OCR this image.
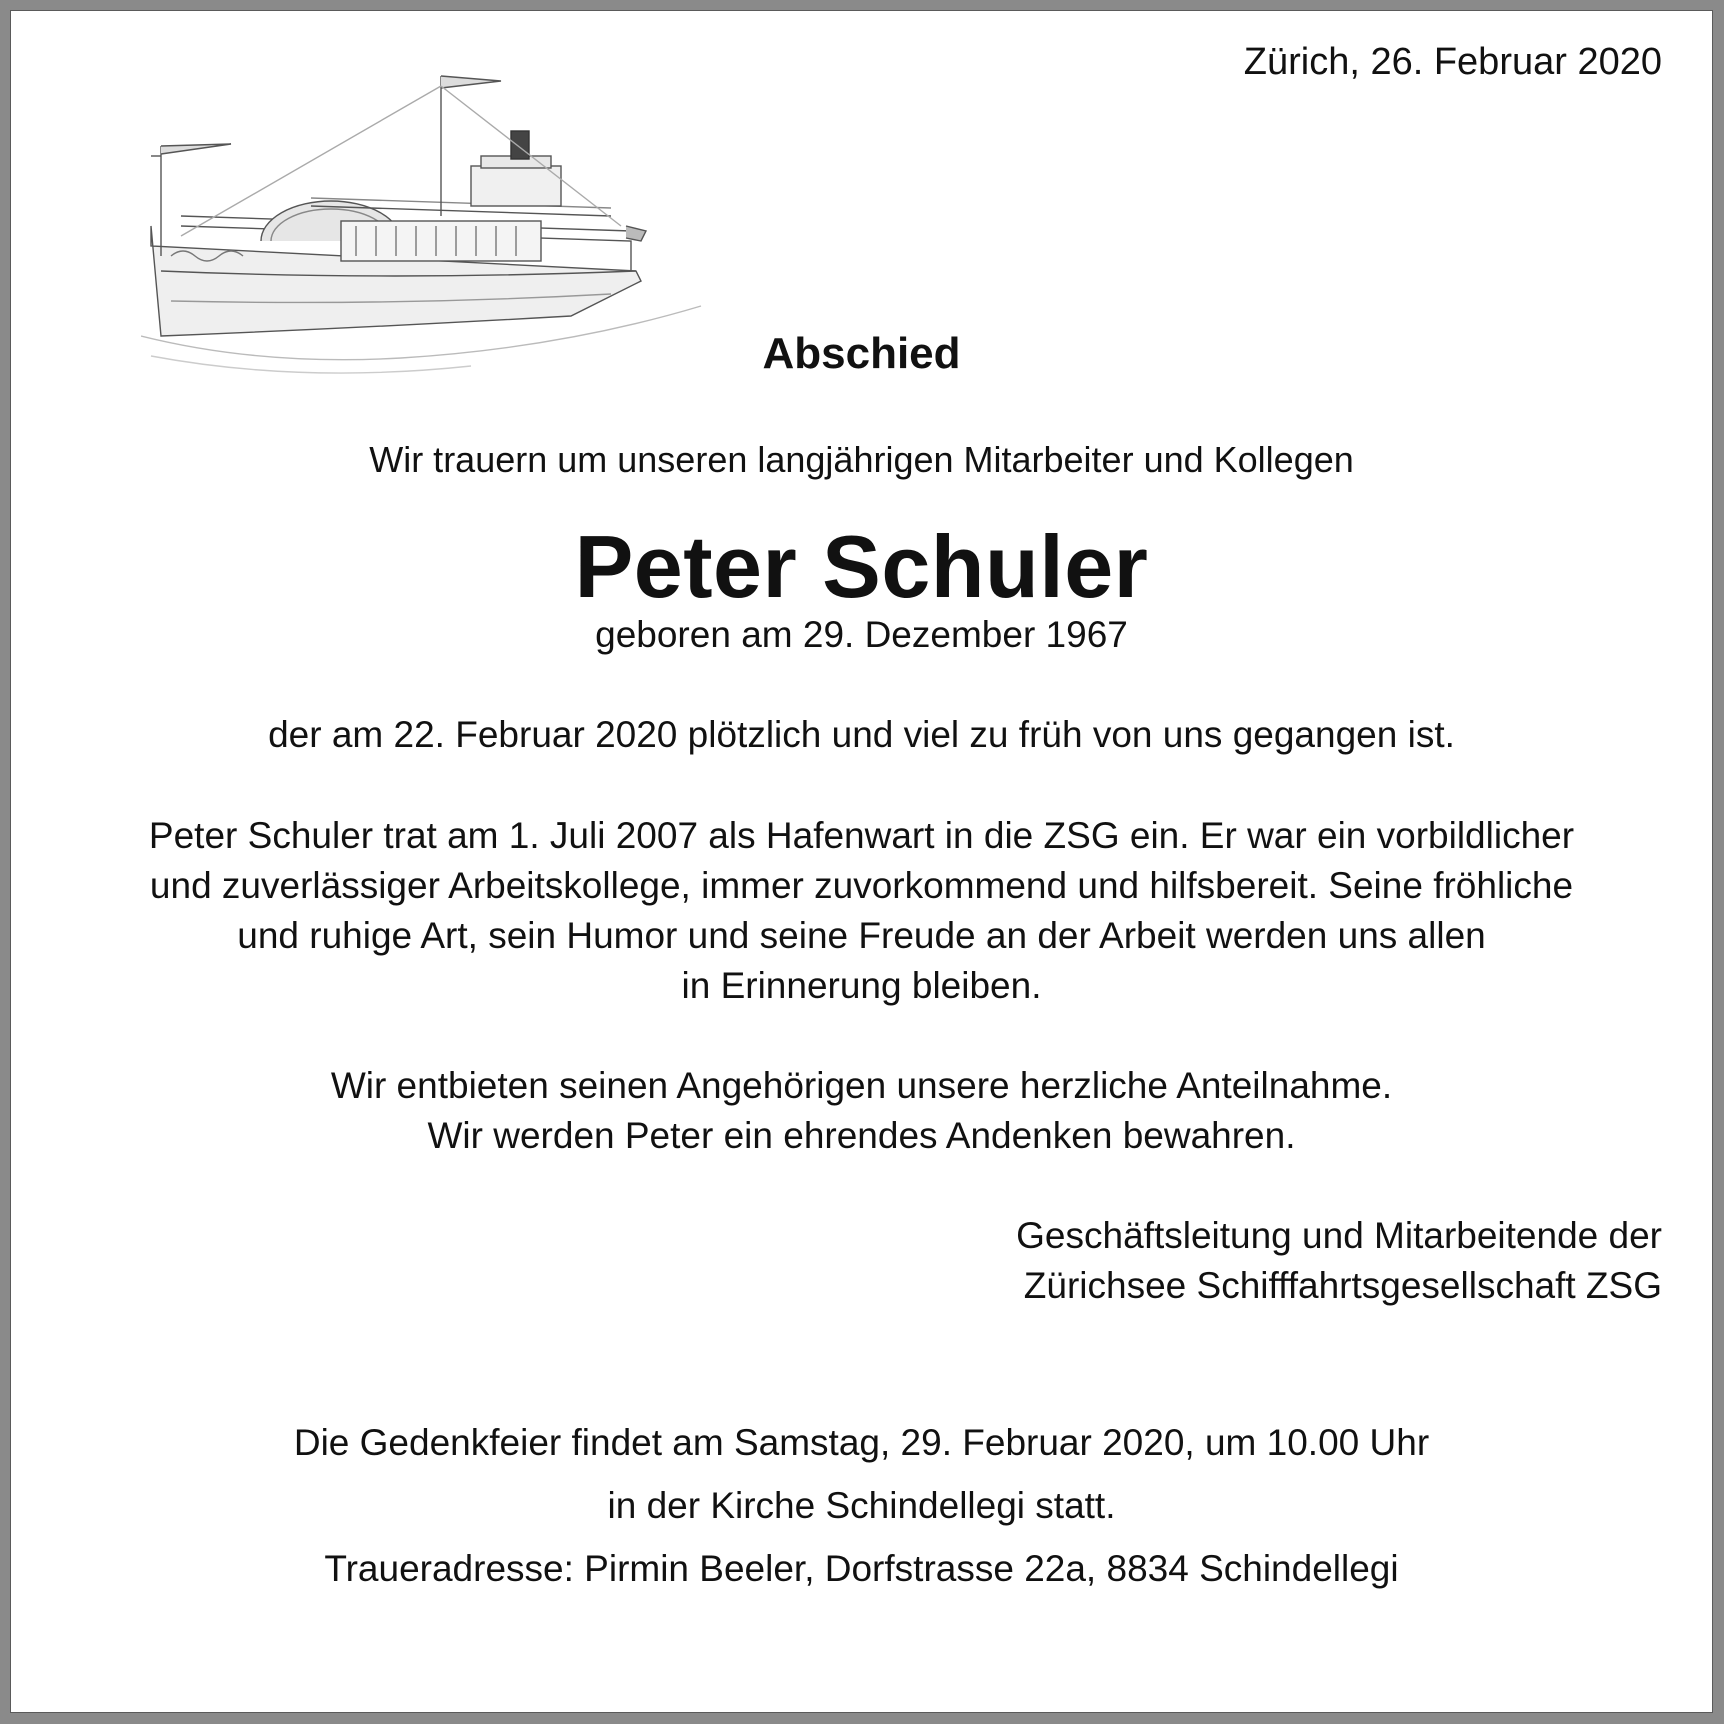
Zürich, 26. Februar 2020
Abschied
Wir trauern um unseren langjährigen Mitarbeiter und Kollegen
Peter Schuler
geboren am 29. Dezember 1967
der am 22. Februar 2020 plötzlich und viel zu früh von uns gegangen ist.
Peter Schuler trat am 1. Juli 2007 als Hafenwart in die ZSG ein. Er war ein vorbildlicher
und zuverlässiger Arbeitskollege, immer zuvorkommend und hilfsbereit. Seine fröhliche
und ruhige Art, sein Humor und seine Freude an der Arbeit werden uns allen
in Erinnerung bleiben.
Wir entbieten seinen Angehörigen unsere herzliche Anteilnahme.
Wir werden Peter ein ehrendes Andenken bewahren.
Geschäftsleitung und Mitarbeitende der
Zürichsee Schifffahrtsgesellschaft ZSG
Die Gedenkfeier findet am Samstag, 29. Februar 2020, um 10.00 Uhr
in der Kirche Schindellegi statt.
Traueradresse: Pirmin Beeler, Dorfstrasse 22a, 8834 Schindellegi
